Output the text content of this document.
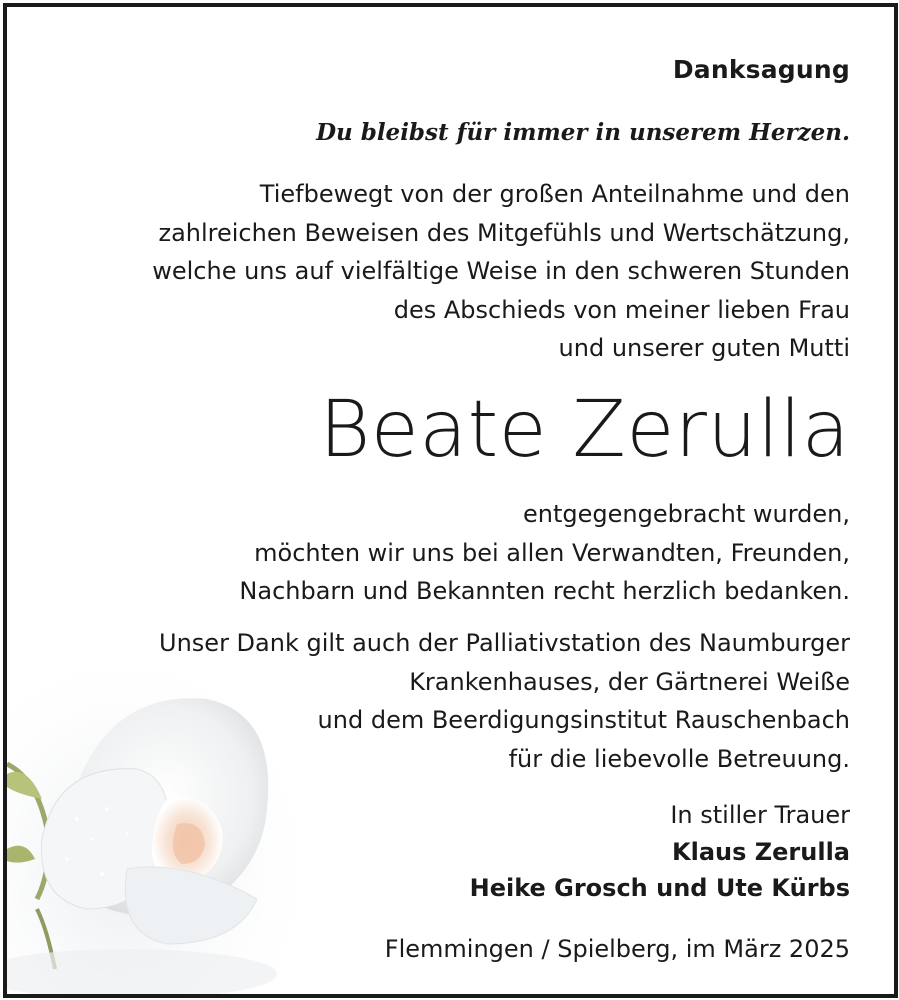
Danksagung
Du bleibst für immer in unserem Herzen.
Tiefbewegt von der großen Anteilnahme und den
zahlreichen Beweisen des Mitgefühls und Wertschätzung,
welche uns auf vielfältige Weise in den schweren Stunden
des Abschieds von meiner lieben Frau
und unserer guten Mutti
Beate Zerulla
entgegengebracht wurden,
möchten wir uns bei allen Verwandten, Freunden,
Nachbarn und Bekannten recht herzlich bedanken.
Unser Dank gilt auch der Palliativstation des Naumburger
Krankenhauses, der Gärtnerei Weiße
und dem Beerdigungsinstitut Rauschenbach
für die liebevolle Betreuung.
In stiller Trauer
Klaus Zerulla
Heike Grosch und Ute Kürbs
Flemmingen / Spielberg, im März 2025
